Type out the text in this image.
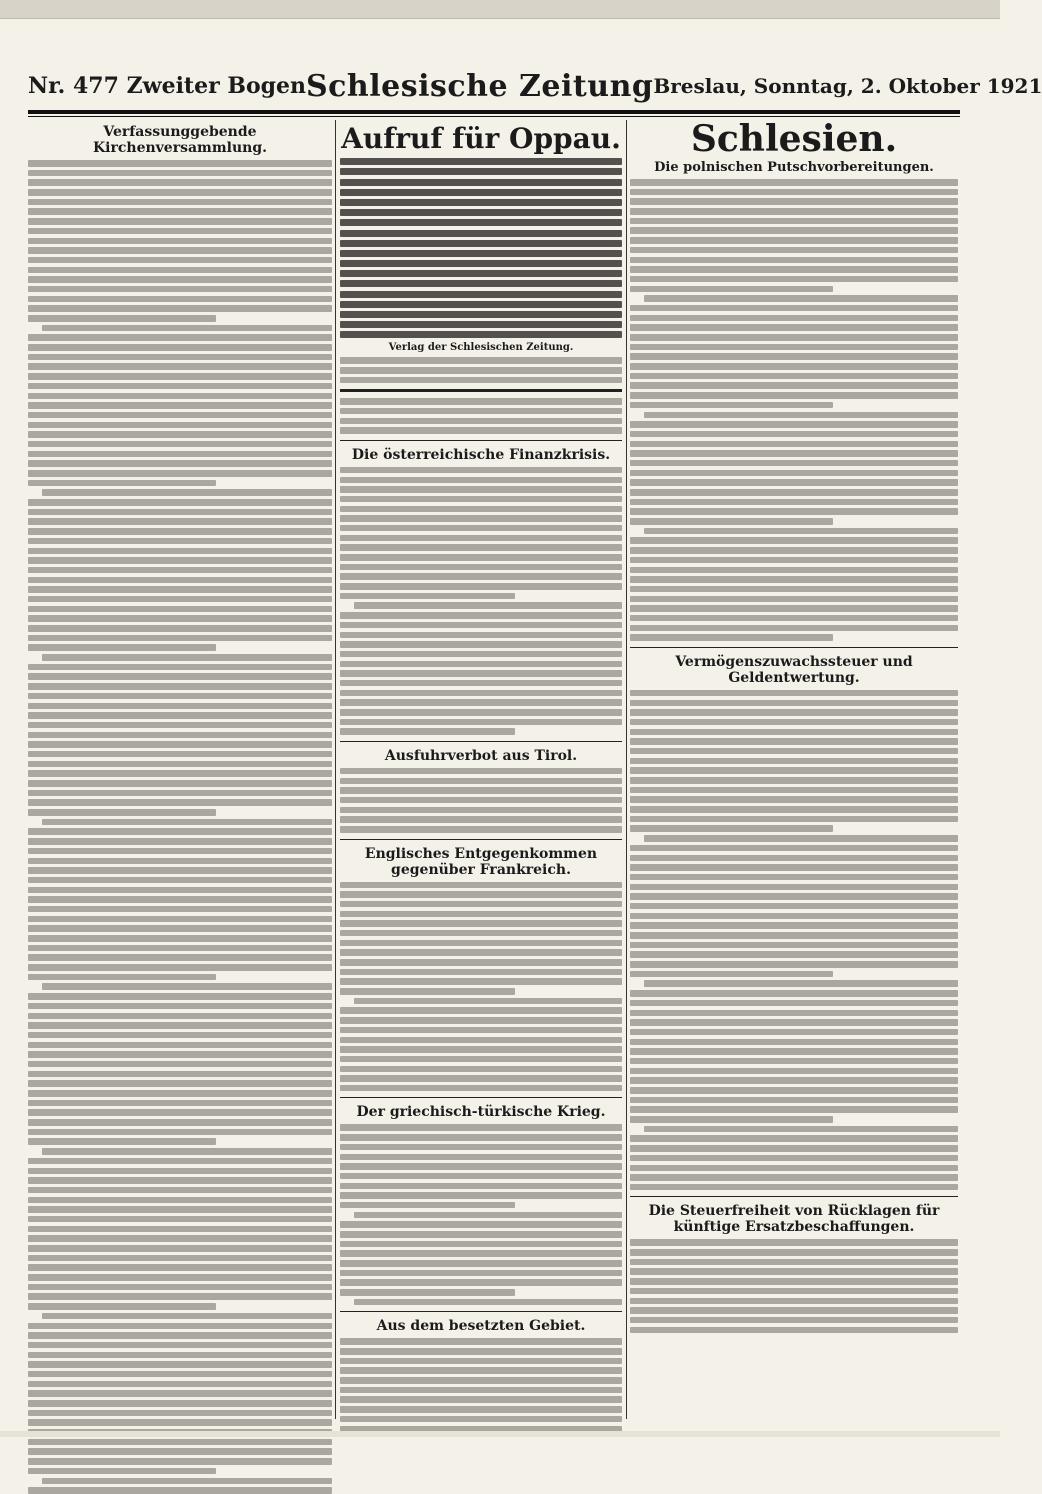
Nr. 477 Zweiter Bogen Schlesische Zeitung Breslau, Sonntag, 2. Oktober 1921
Verfassunggebende Kirchenversammlung.	Aufruf für Oppau.
Verlag der Schlesischen Zeitung.
Die österreichische Finanzkrisis.
Ausfuhrverbot aus Tirol.
Englisches Entgegenkommen gegenüber Frankreich.
Der griechisch-türkische Krieg.
Aus dem besetzten Gebiet.
Schlesien.
Die polnischen Putschvorbereitungen.
Vermögenszuwachssteuer und Geldentwertung.
Die Steuerfreiheit von Rücklagen für künftige Ersatzbeschaffungen.
